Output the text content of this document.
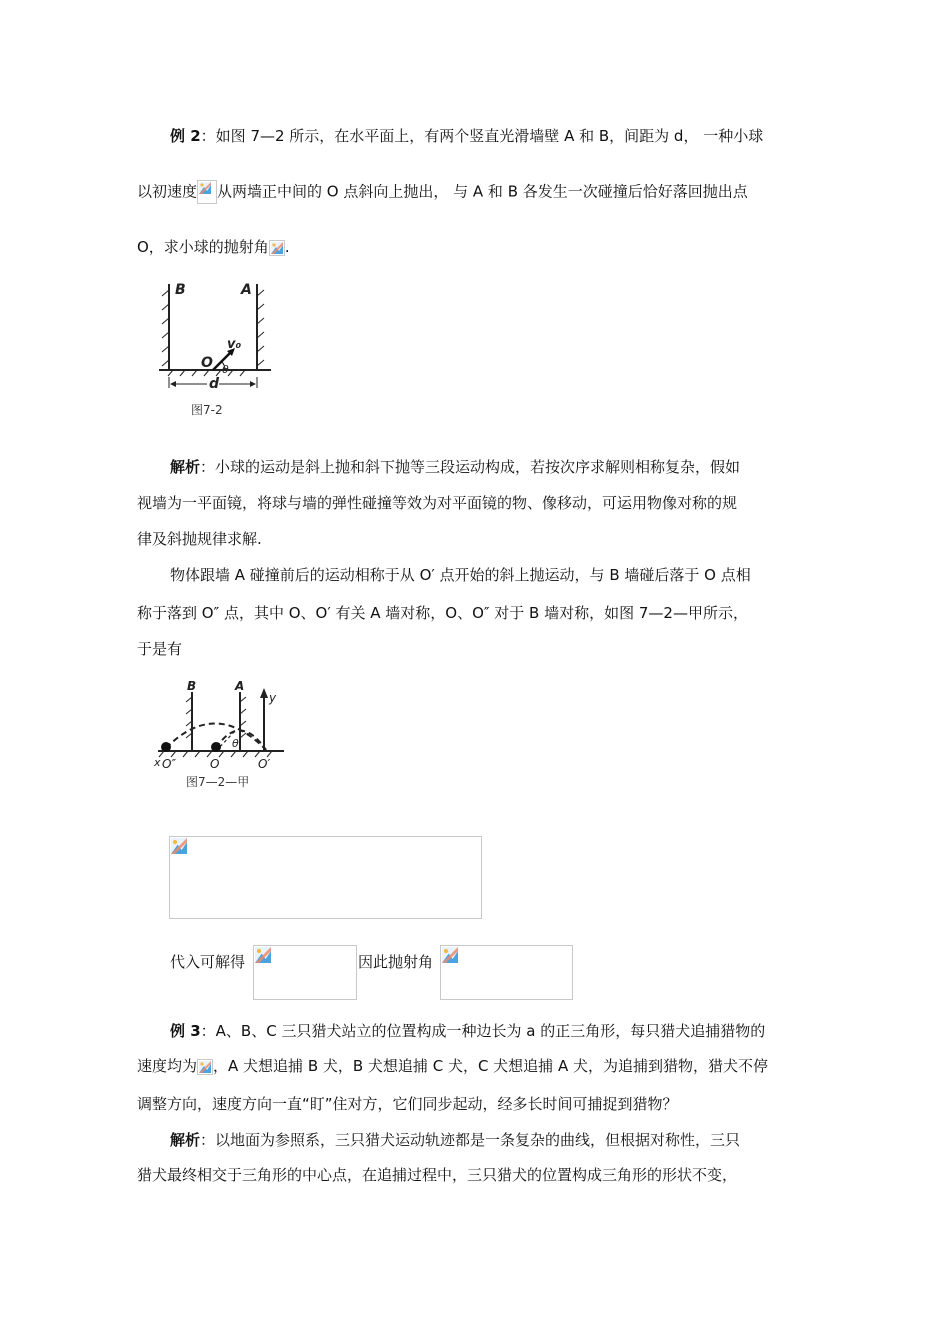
例 2：如图 7—2 所示，在水平面上，有两个竖直光滑墙壁 A 和 B，间距为 d， 一种小球
以初速度 从两墙正中间的 O 点斜向上抛出， 与 A 和 B 各发生一次碰撞后恰好落回抛出点
O，求小球的抛射角 .
B	A
v₀
O θ
d
图7-2
解析：小球的运动是斜上抛和斜下抛等三段运动构成，若按次序求解则相称复杂，假如
视墙为一平面镜，将球与墙的弹性碰撞等效为对平面镜的物、像移动，可运用物像对称的规
律及斜抛规律求解.
物体跟墙 A 碰撞前后的运动相称于从 O′ 点开始的斜上抛运动，与 B 墙碰后落于 O 点相
称于落到 O″ 点，其中 O、O′ 有关 A 墙对称，O、O″ 对于 B 墙对称，如图 7—2—甲所示，
于是有
B	A
y
θ
x O″	O	O′
图7—2—甲
代入可解得	因此抛射角
例 3：A、B、C 三只猎犬站立的位置构成一种边长为 a 的正三角形，每只猎犬追捕猎物的
速度均为 ，A 犬想追捕 B 犬，B 犬想追捕 C 犬，C 犬想追捕 A 犬，为追捕到猎物，猎犬不停
调整方向，速度方向一直“盯”住对方，它们同步起动，经多长时间可捕捉到猎物？
解析：以地面为参照系，三只猎犬运动轨迹都是一条复杂的曲线，但根据对称性，三只
猎犬最终相交于三角形的中心点，在追捕过程中，三只猎犬的位置构成三角形的形状不变，
